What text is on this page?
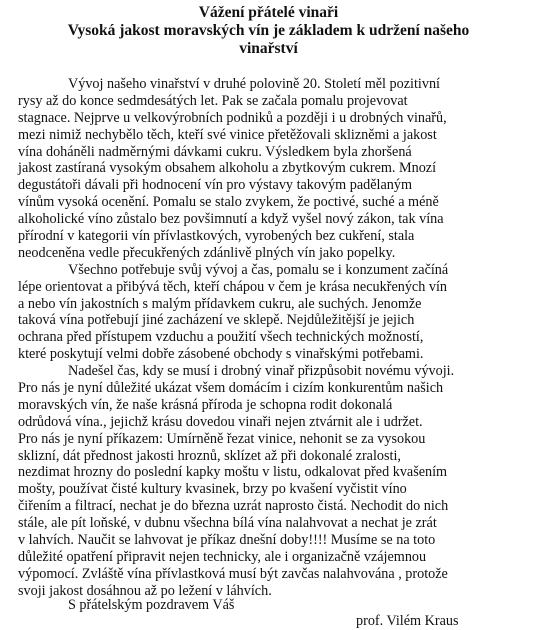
Vážení přátelé vinaři
Vysoká jakost moravských vín je základem k udržení našeho
vinařství
Vývoj našeho vinařství v druhé polovině 20. Století měl pozitivní
rysy až do konce sedmdesátých let. Pak se začala pomalu projevovat
stagnace. Nejprve u velkovýrobních podniků a později i u drobných vinařů,
mezi nimiž nechybělo těch, kteří své vinice přetěžovali sklizněmi a jakost
vína doháněli nadměrnými dávkami cukru. Výsledkem byla zhoršená
jakost zastíraná vysokým obsahem alkoholu a zbytkovým cukrem. Mnozí
degustátoři dávali při hodnocení vín pro výstavy takovým padělaným
vínům vysoká ocenění. Pomalu se stalo zvykem, že poctivé, suché a méně
alkoholické víno zůstalo bez povšimnutí a když vyšel nový zákon, tak vína
přírodní v kategorii vín přívlastkových, vyrobených bez cukření, stala
neodceněna vedle přecukřených zdánlivě plných vín jako popelky.
Všechno potřebuje svůj vývoj a čas, pomalu se i konzument začíná
lépe orientovat a přibývá těch, kteří chápou v čem je krása necukřených vín
a nebo vín jakostních s malým přídavkem cukru, ale suchých. Jenomže
taková vína potřebují jiné zacházení ve sklepě. Nejdůležitější je jejich
ochrana před přístupem vzduchu a použití všech technických možností,
které poskytují velmi dobře zásobené obchody s vinařskými potřebami.
Nadešel čas, kdy se musí i drobný vinař přizpůsobit novému vývoji.
Pro nás je nyní důležité ukázat všem domácím i cizím konkurentům našich
moravských vín, že naše krásná příroda je schopna rodit dokonalá
odrůdová vína., jejichž krásu dovedou vinaři nejen ztvárnit ale i udržet.
Pro nás je nyní příkazem: Umírněně řezat vinice, nehonit se za vysokou
sklizní, dát přednost jakosti hroznů, sklízet až při dokonalé zralosti,
nezdimat hrozny do poslední kapky moštu v listu, odkalovat před kvašením
mošty, používat čisté kultury kvasinek, brzy po kvašení vyčistit víno
čiřením a filtrací, nechat je do března uzrát naprosto čistá. Nechodit do nich
stále, ale pít loňské, v dubnu všechna bílá vína nalahvovat a nechat je zrát
v lahvích. Naučit se lahvovat je příkaz dnešní doby!!!! Musíme se na toto
důležité opatření připravit nejen technicky, ale i organizačně vzájemnou
výpomocí. Zvláště vína přívlastková musí být zavčas nalahvována , protože
svoji jakost dosáhnou až po ležení v láhvích.
S přátelským pozdravem Váš
prof. Vilém Kraus
